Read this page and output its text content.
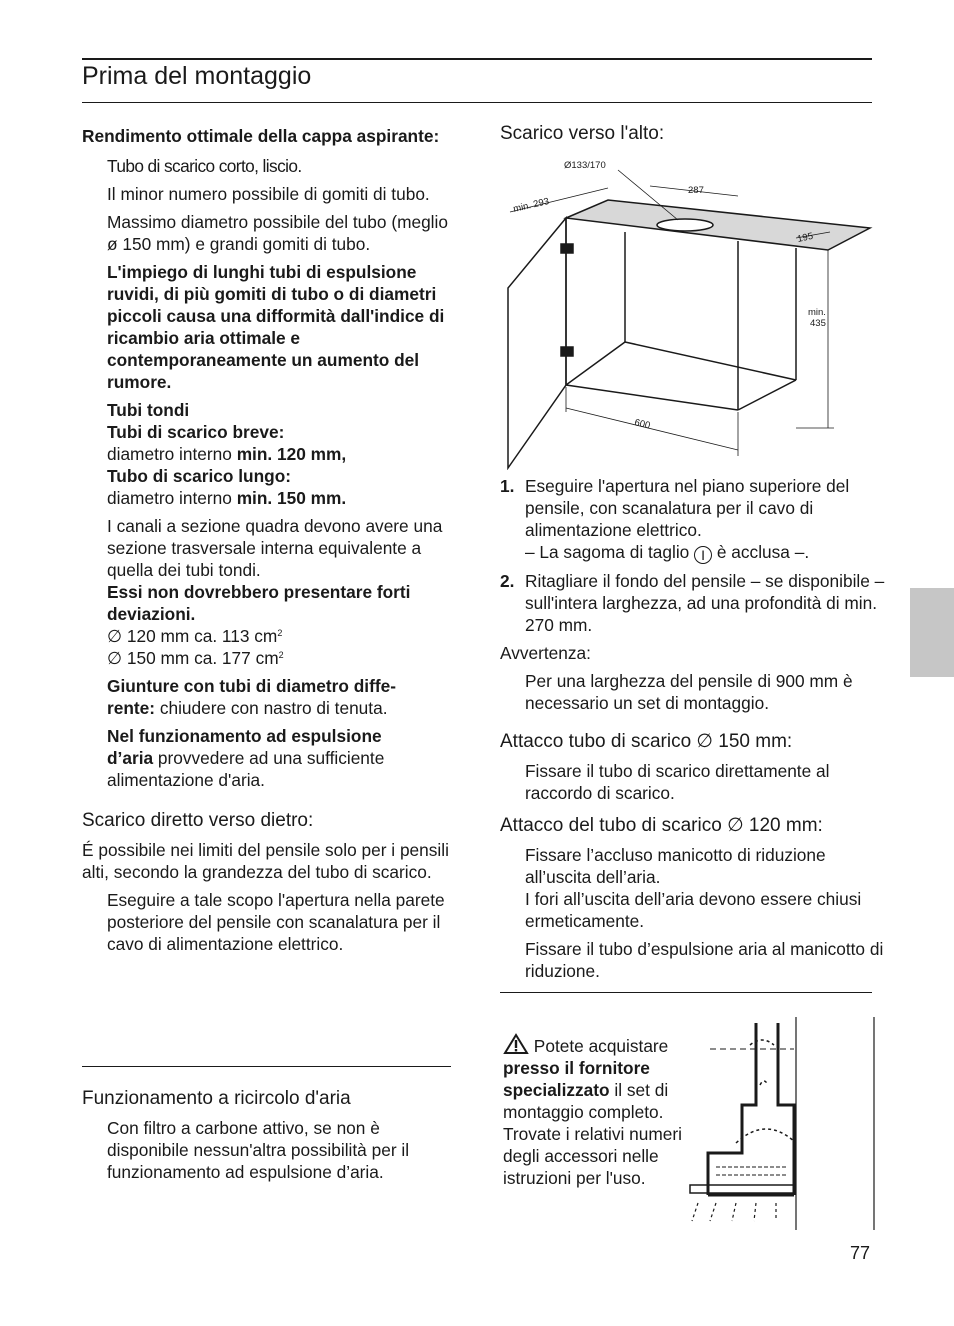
Prima del montaggio

Rendimento ottimale della cappa aspirante:

Tubo di scarico corto, liscio.

Il minor numero possibile di gomiti di tubo.

Massimo diametro possibile del tubo (meglio ø 150 mm) e grandi gomiti di tubo.

L'impiego di lunghi tubi di espulsione ruvidi, di più gomiti di tubo o di diametri piccoli causa una difformità dall'indice di ricambio aria ottimale e contemporaneamente un aumento del rumore.

Tubi tondi
Tubi di scarico breve:
diametro interno min. 120 mm,
Tubo di scarico lungo:
diametro interno min. 150 mm.
I canali a sezione quadra devono avere una sezione trasversale interna equivalente a quella dei tubi tondi.
Essi non dovrebbero presentare forti deviazioni.
∅ 120 mm ca. 113 $cm^2$
∅ 150 mm ca. 177 $cm^2$
Giunture con tubi di diametro diffe-
rente: chiudere con nastro di tenuta.
Nel funzionamento ad espulsione
d’aria provvedere ad una sufficiente alimentazione d'aria.

Scarico diretto verso dietro:

É possibile nei limiti del pensile solo per i pensili alti, secondo la grandezza del tubo di scarico.

Eseguire a tale scopo l'apertura nella parete posteriore del pensile con scanalatura per il cavo di alimentazione elettrico.

Funzionamento a ricircolo d'aria

Con filtro a carbone attivo, se non è disponibile nessun'altra possibilità per il funzionamento ad espulsione d’aria.

Scarico verso l'alto:

Ø133/170
287
min. 293
195
min.
435
600
1. Eseguire l'apertura nel piano superiore del pensile, con scanalatura per il cavo di alimentazione elettrico.
– La sagoma di taglio I è acclusa –.
2. Ritagliare il fondo del pensile – se disponibile – sull'intera larghezza, ad una profondità di min. 270 mm.

Avvertenza:

Per una larghezza del pensile di 900 mm è necessario un set di montaggio.

Attacco tubo di scarico ∅ 150 mm:

Fissare il tubo di scarico direttamente al raccordo di scarico.

Attacco del tubo di scarico ∅ 120 mm:

Fissare l’accluso manicotto di riduzione all’uscita dell’aria.
I fori all’uscita dell’aria devono essere chiusi ermeticamente.

Fissare il tubo d’espulsione aria al manicotto di riduzione.

Potete acquistare presso il fornitore specializzato il set di montaggio completo. Trovate i relativi numeri degli accessori nelle istruzioni per l'uso.
77
